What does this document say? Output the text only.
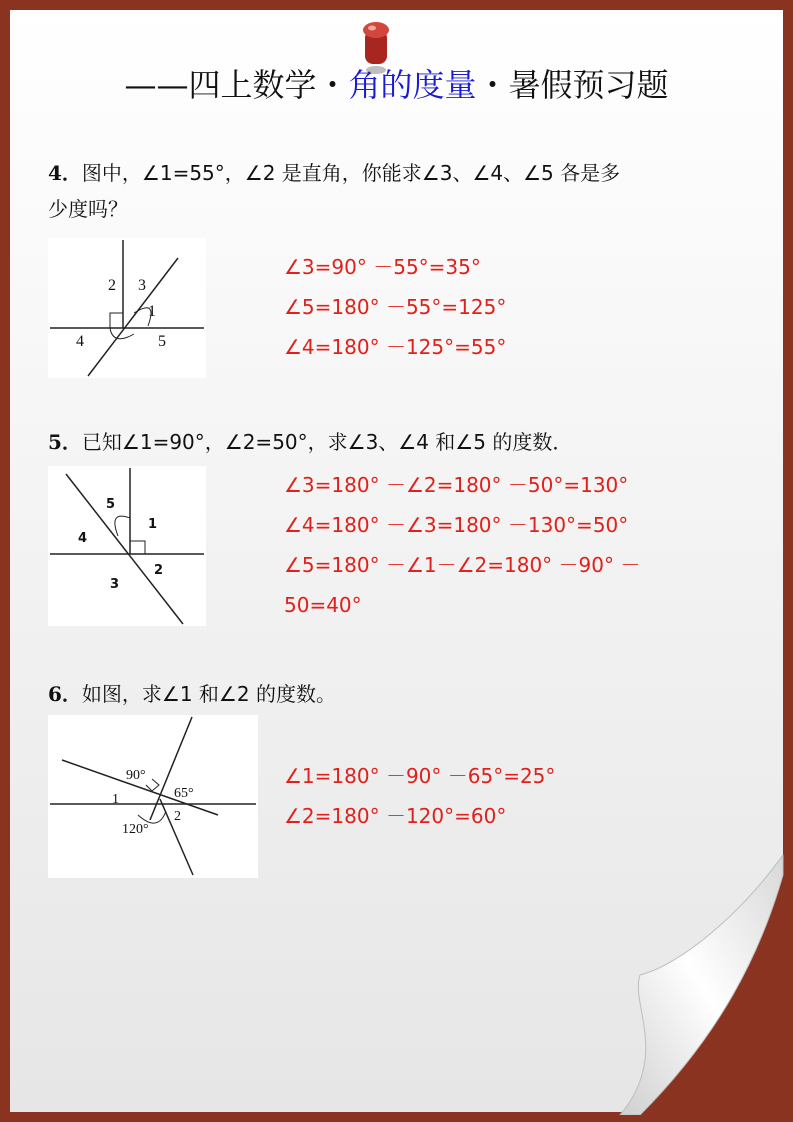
——四上数学・角的度量・暑假预习题
4．图中，∠1=55°，∠2 是直角，你能求∠3、∠4、∠5 各是多
少度吗？
2 3
1
4	5
∠3=90° －55°=35°
∠5=180° －55°=125°
∠4=180° －125°=55°
5．已知∠1=90°，∠2=50°，求∠3、∠4 和∠5 的度数．
5
1
4
2
3
∠3=180° －∠2=180° －50°=130°
∠4=180° －∠3=180° －130°=50°
∠5=180° －∠1－∠2=180° －90° －
50=40°
6．如图，求∠1 和∠2 的度数。
90°
65°
1
2
120°
∠1=180° －90° －65°=25°
∠2=180° －120°=60°
